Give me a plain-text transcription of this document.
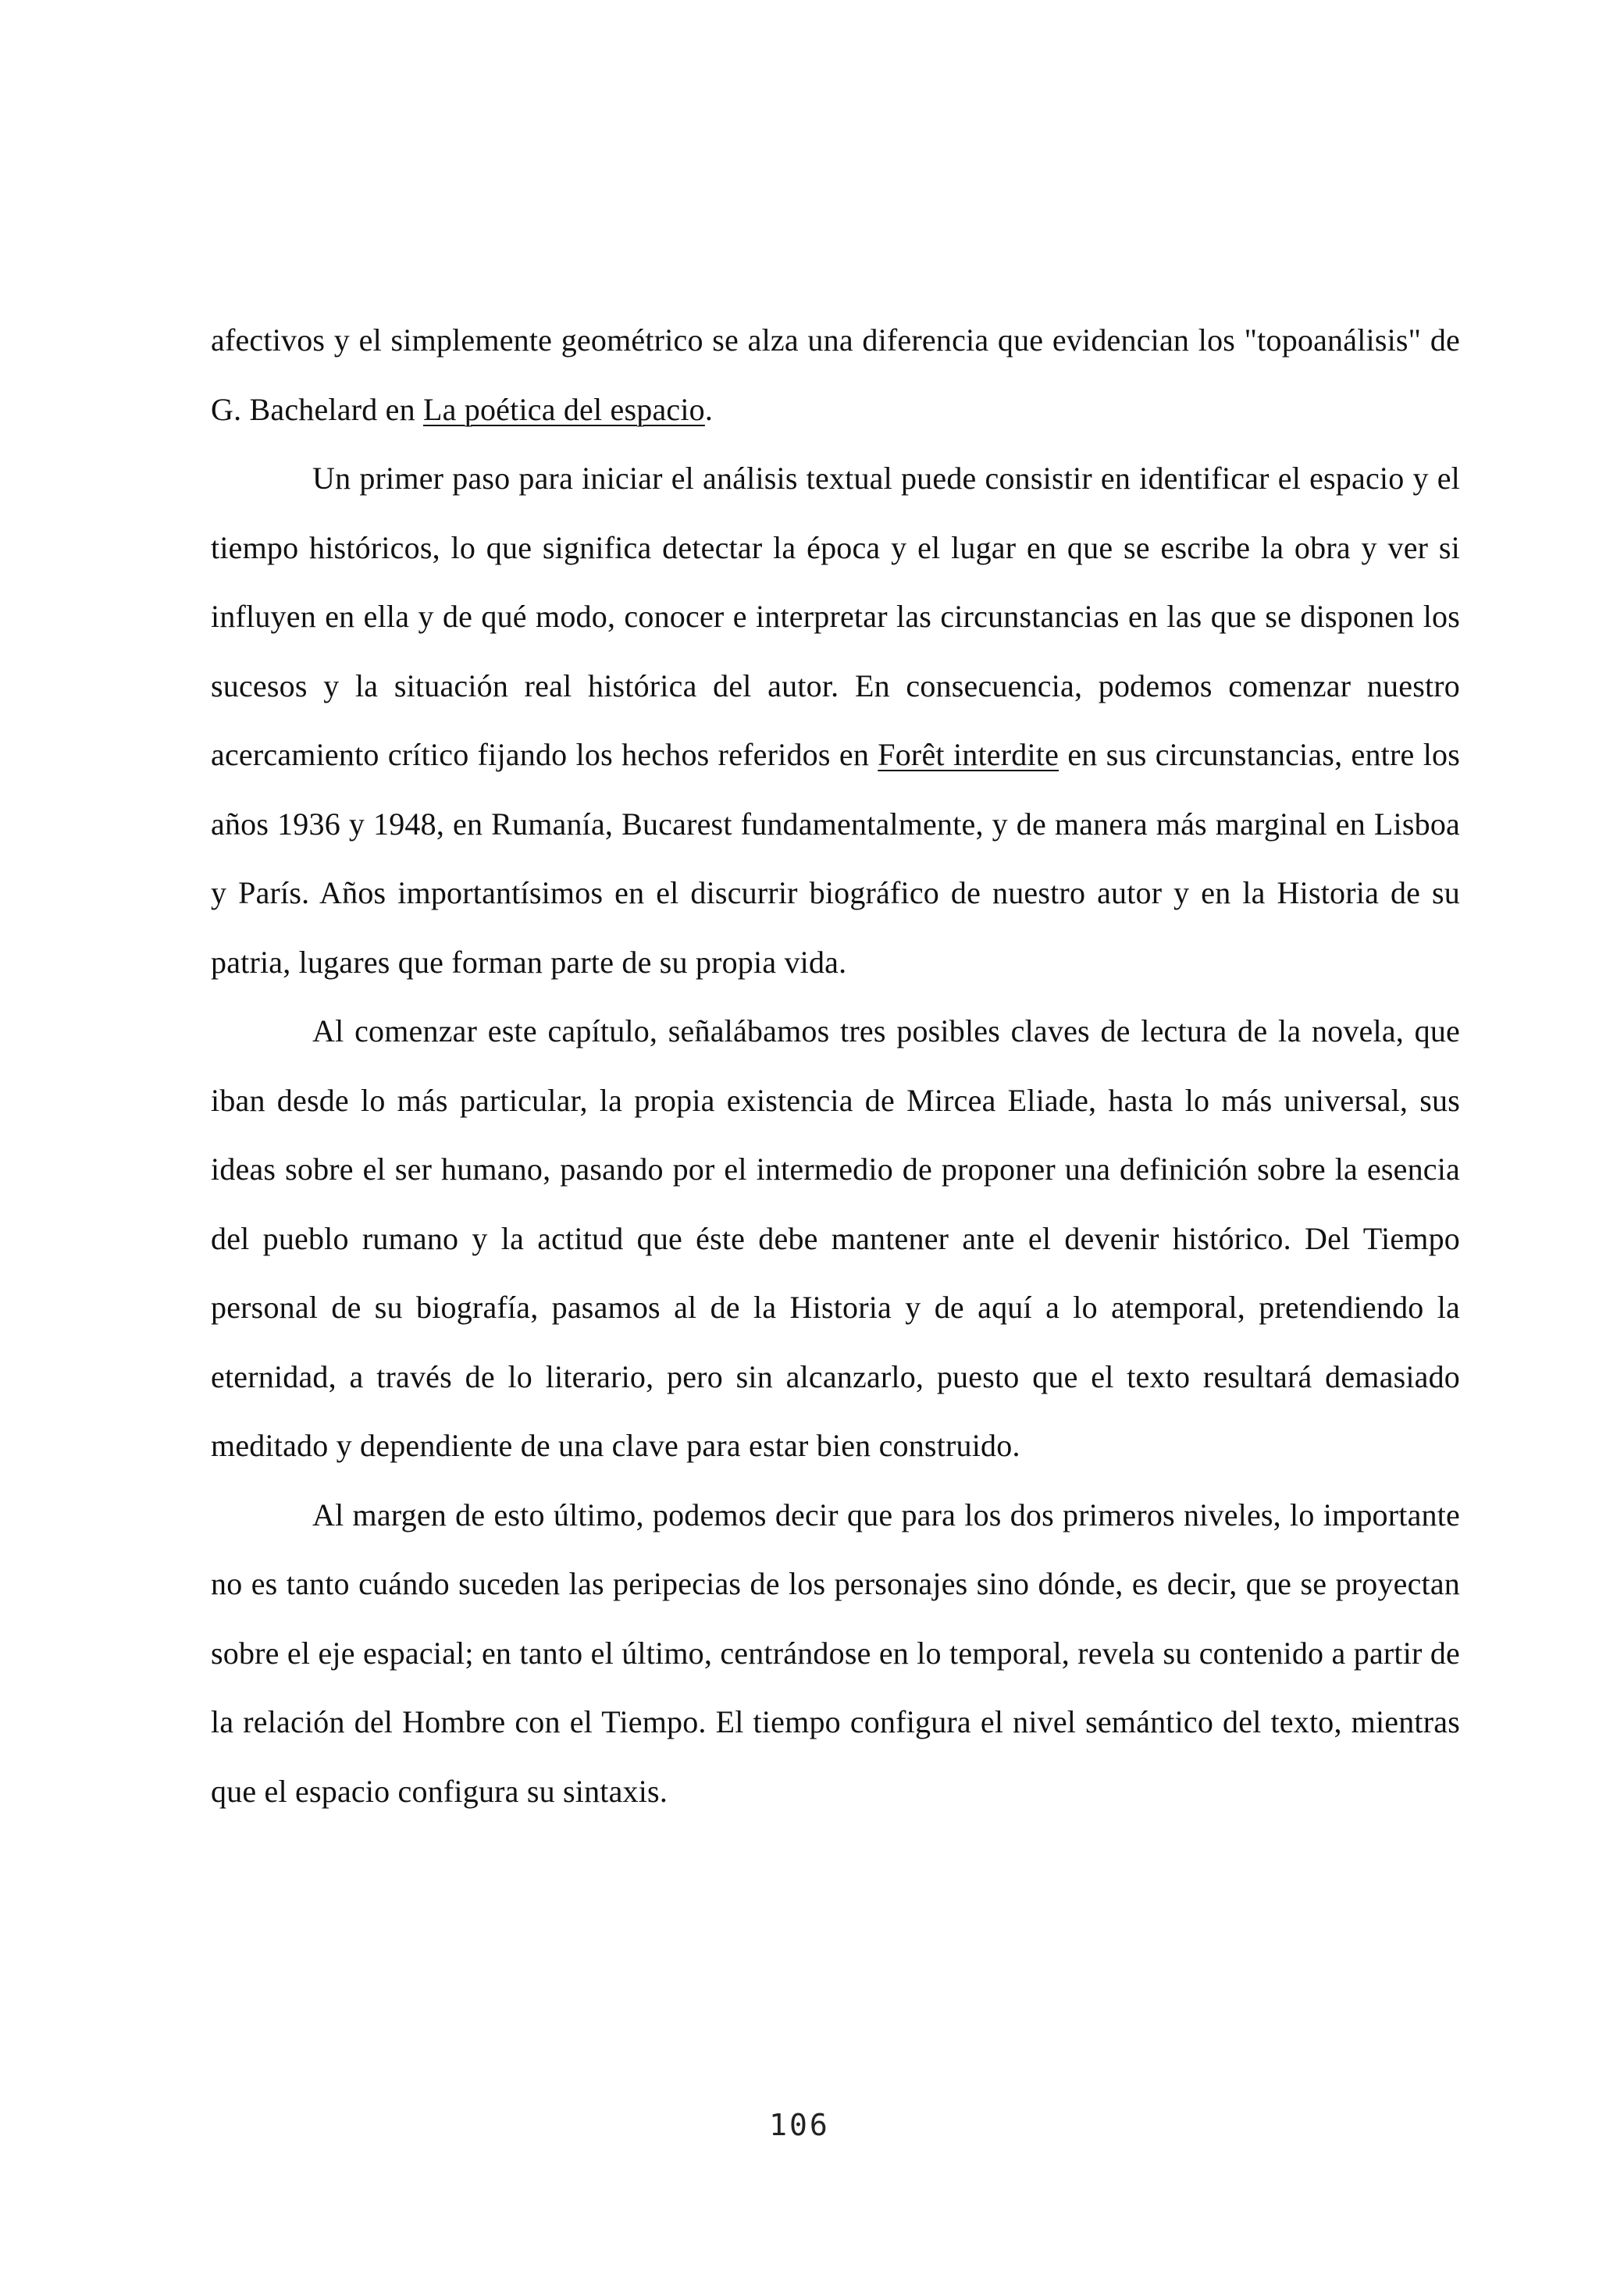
afectivos y el simplemente geométrico se alza una diferencia que evidencian los "topoanálisis" de G. Bachelard en La poética del espacio.

Un primer paso para iniciar el análisis textual puede consistir en identificar el espacio y el tiempo históricos, lo que significa detectar la época y el lugar en que se escribe la obra y ver si influyen en ella y de qué modo, conocer e interpretar las circunstancias en las que se disponen los sucesos y la situación real histórica del autor. En consecuencia, podemos comenzar nuestro acercamiento crítico fijando los hechos referidos en Forêt interdite en sus circunstancias, entre los años 1936 y 1948, en Rumanía, Bucarest fundamentalmente, y de manera más marginal en Lisboa y París. Años importantísimos en el discurrir biográfico de nuestro autor y en la Historia de su patria, lugares que forman parte de su propia vida.

Al comenzar este capítulo, señalábamos tres posibles claves de lectura de la novela, que iban desde lo más particular, la propia existencia de Mircea Eliade, hasta lo más universal, sus ideas sobre el ser humano, pasando por el intermedio de proponer una definición sobre la esencia del pueblo rumano y la actitud que éste debe mantener ante el devenir histórico. Del Tiempo personal de su biografía, pasamos al de la Historia y de aquí a lo atemporal, pretendiendo la eternidad, a través de lo literario, pero sin alcanzarlo, puesto que el texto resultará demasiado meditado y dependiente de una clave para estar bien construido.

Al margen de esto último, podemos decir que para los dos primeros niveles, lo importante no es tanto cuándo suceden las peripecias de los personajes sino dónde, es decir, que se proyectan sobre el eje espacial; en tanto el último, centrándose en lo temporal, revela su contenido a partir de la relación del Hombre con el Tiempo. El tiempo configura el nivel semántico del texto, mientras que el espacio configura su sintaxis.

106
